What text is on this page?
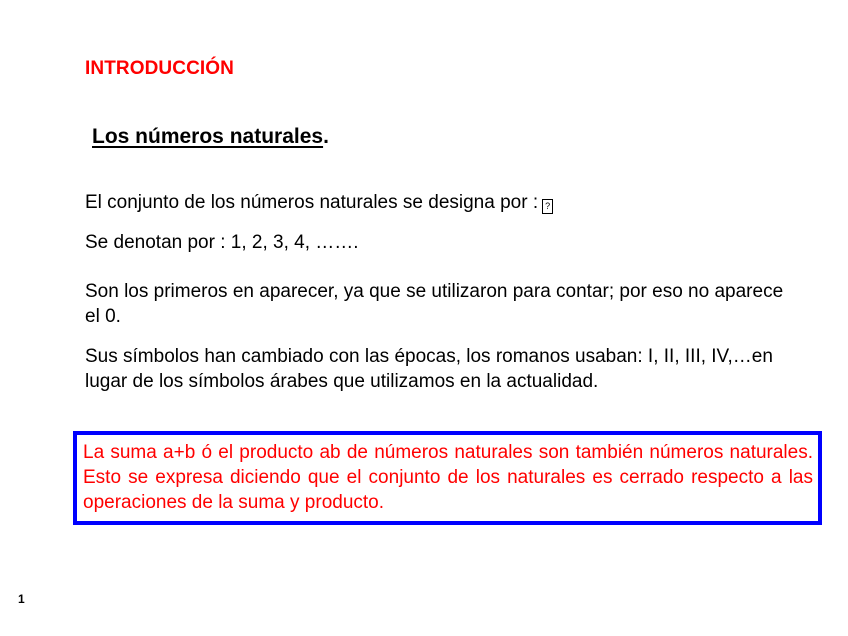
INTRODUCCIÓN
Los números naturales.
El conjunto de los números naturales se designa por : ?
Se denotan por : 1, 2, 3, 4, …….
Son los primeros en aparecer, ya que se utilizaron para contar; por eso no aparece el 0.
Sus símbolos han cambiado con las épocas, los romanos usaban: I, II, III, IV,…en lugar de los símbolos árabes que utilizamos en la actualidad.
La suma a+b ó el producto ab de números naturales son también números naturales. Esto se expresa diciendo que el conjunto de los naturales es cerrado respecto a las operaciones de la suma y producto.
1
